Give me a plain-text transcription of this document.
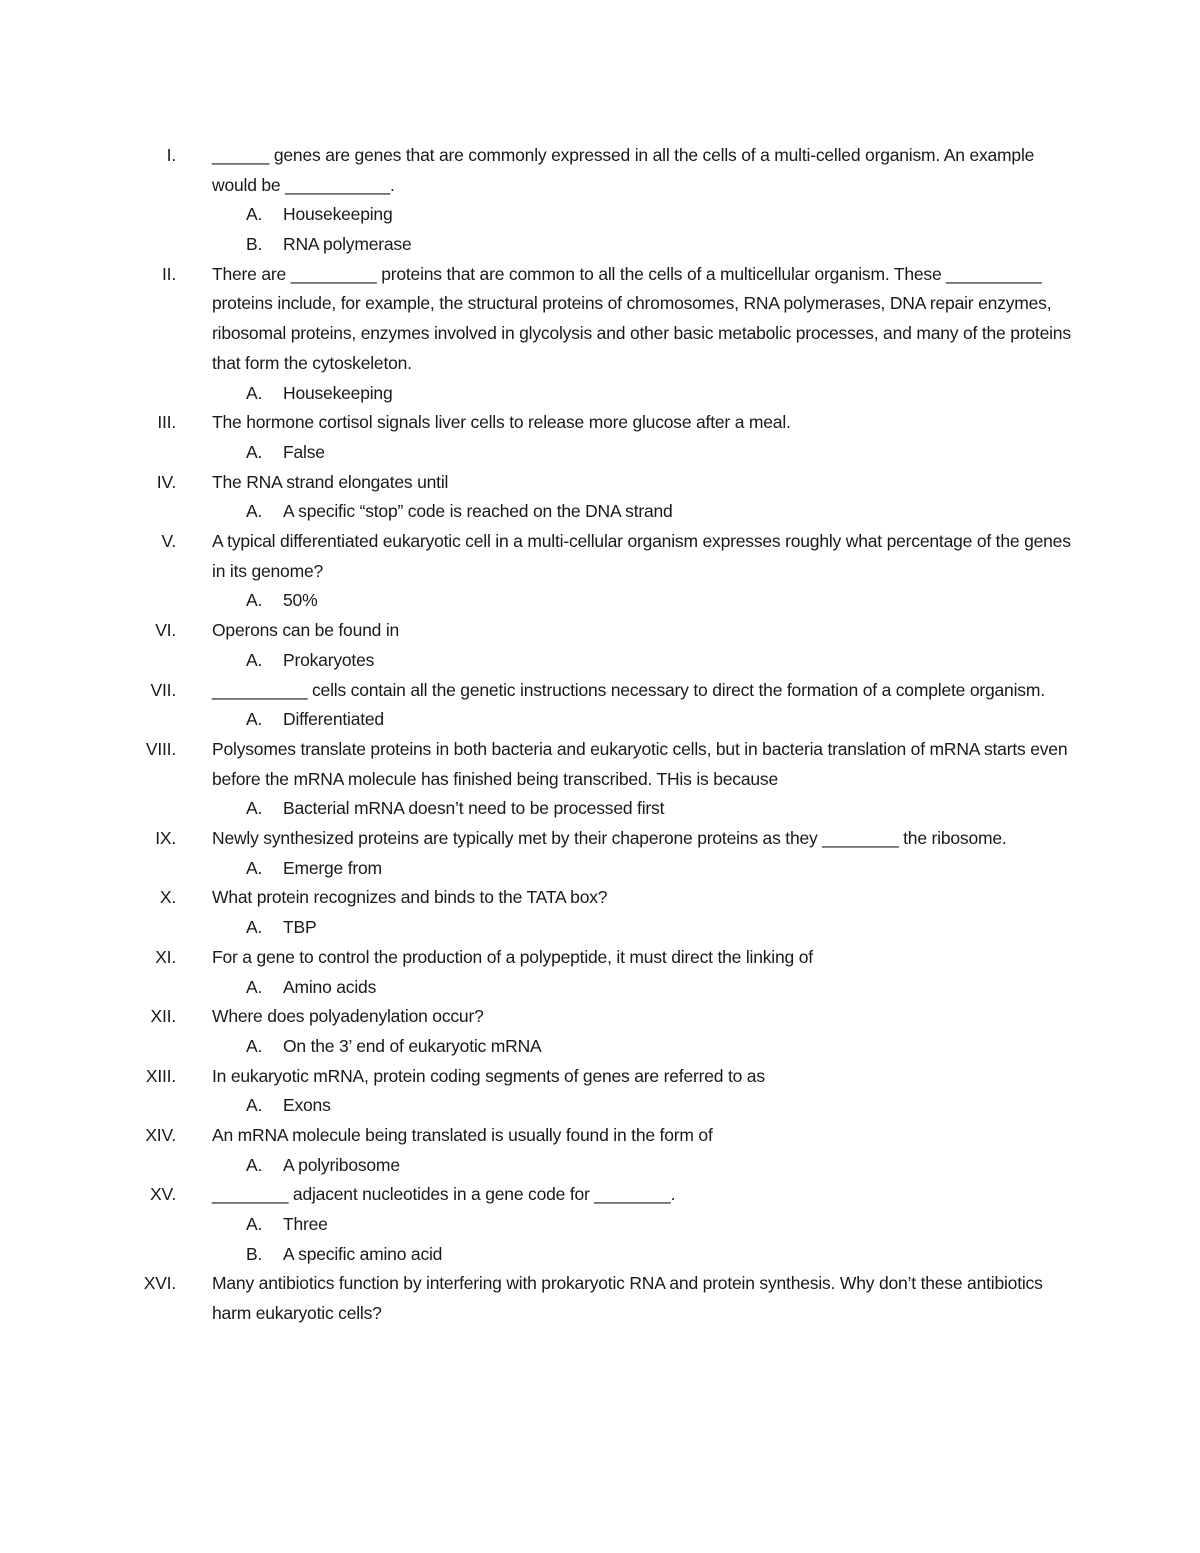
I. ______ genes are genes that are commonly expressed in all the cells of a multi-celled organism. An example would be ___________.
A.	Housekeeping
B.	RNA polymerase
II. There are _________ proteins that are common to all the cells of a multicellular organism. These __________ proteins include, for example, the structural proteins of chromosomes, RNA polymerases, DNA repair enzymes, ribosomal proteins, enzymes involved in glycolysis and other basic metabolic processes, and many of the proteins that form the cytoskeleton.
A.	Housekeeping
III. The hormone cortisol signals liver cells to release more glucose after a meal.
A.	False
IV. The RNA strand elongates until
A.	A specific “stop” code is reached on the DNA strand
V. A typical differentiated eukaryotic cell in a multi-cellular organism expresses roughly what percentage of the genes in its genome?
A.	50%
VI. Operons can be found in
A.	Prokaryotes
VII. __________ cells contain all the genetic instructions necessary to direct the formation of a complete organism.
A.	Differentiated
VIII. Polysomes translate proteins in both bacteria and eukaryotic cells, but in bacteria translation of mRNA starts even before the mRNA molecule has finished being transcribed. THis is because
A.	Bacterial mRNA doesn’t need to be processed first
IX. Newly synthesized proteins are typically met by their chaperone proteins as they ________ the ribosome.
A.	Emerge from
X. What protein recognizes and binds to the TATA box?
A.	TBP
XI. For a gene to control the production of a polypeptide, it must direct the linking of
A.	Amino acids
XII. Where does polyadenylation occur?
A.	On the 3’ end of eukaryotic mRNA
XIII. In eukaryotic mRNA, protein coding segments of genes are referred to as
A.	Exons
XIV. An mRNA molecule being translated is usually found in the form of
A.	A polyribosome
XV. ________ adjacent nucleotides in a gene code for ________.
A.	Three
B.	A specific amino acid
XVI. Many antibiotics function by interfering with prokaryotic RNA and protein synthesis. Why don’t these antibiotics harm eukaryotic cells?
